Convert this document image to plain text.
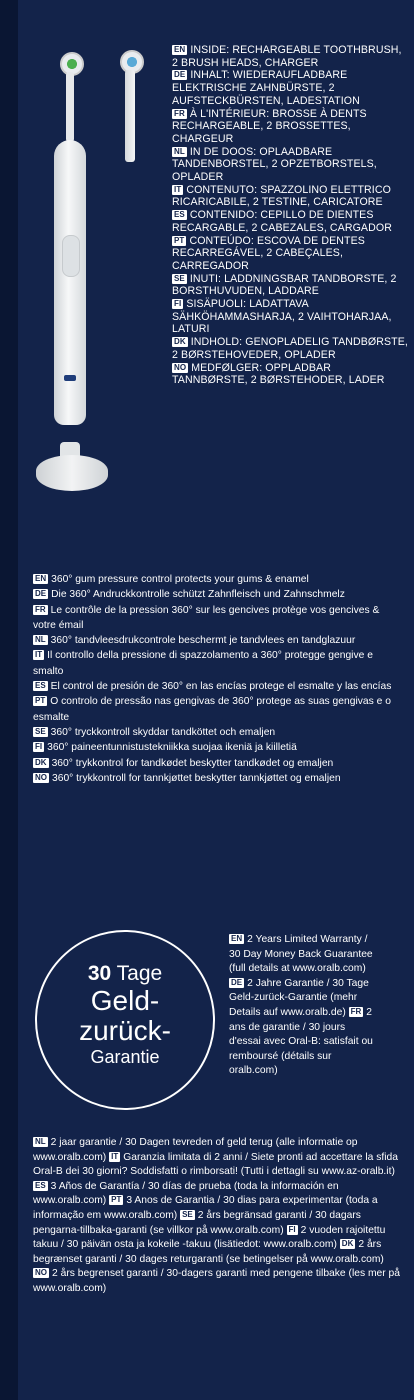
EN INSIDE: RECHARGEABLE TOOTHBRUSH, 2 BRUSH HEADS, CHARGER
DE INHALT: WIEDERAUFLADBARE ELEKTRISCHE ZAHNBÜRSTE, 2 AUFSTECKBÜRSTEN, LADESTATION
FR À L'INTÉRIEUR: BROSSE À DENTS RECHARGEABLE, 2 BROSSETTES, CHARGEUR
NL IN DE DOOS: OPLAADBARE TANDENBORSTEL, 2 OPZETBORSTELS, OPLADER
IT CONTENUTO: SPAZZOLINO ELETTRICO RICARICABILE, 2 TESTINE, CARICATORE
ES CONTENIDO: CEPILLO DE DIENTES RECARGABLE, 2 CABEZALES, CARGADOR
PT CONTEÚDO: ESCOVA DE DENTES RECARREGÁVEL, 2 CABEÇALES, CARREGADOR
SE INUTI: LADDNINGSBAR TANDBORSTE, 2 BORSTHUVUDEN, LADDARE
FI SISÄPUOLI: LADATTAVA SÄHKÖHAMMASHARJA, 2 VAIHTOHARJAA, LATURI
DK INDHOLD: GENOPLADELIG TANDBØRSTE, 2 BØRSTEHOVEDER, OPLADER
NO MEDFØLGER: OPPLADBAR TANNBØRSTE, 2 BØRSTEHODER, LADER
EN 360° gum pressure control protects your gums & enamel
DE Die 360° Andruckkontrolle schützt Zahnfleisch und Zahnschmelz
FR Le contrôle de la pression 360° sur les gencives protège vos gencives & votre émail
NL 360° tandvleesdrukcontrole beschermt je tandvlees en tandglazuur
IT Il controllo della pressione di spazzolamento a 360° protegge gengive e smalto
ES El control de presión de 360° en las encías protege el esmalte y las encías
PT O controlo de pressão nas gengivas de 360° protege as suas gengivas e o esmalte
SE 360° tryckkontroll skyddar tandköttet och emaljen
FI 360° paineentunnistustekniikka suojaa ikeniä ja kiilletiä
DK 360° trykkontrol for tandkødet beskytter tandkødet og emaljen
NO 360° trykkontroll for tannkjøttet beskytter tannkjøttet og emaljen
30 Tage
Geld-
zurück-
Garantie
EN 2 Years Limited Warranty / 30 Day Money Back Guarantee (full details at www.oralb.com) DE 2 Jahre Garantie / 30 Tage Geld-zurück-Garantie (mehr Details auf www.oralb.de) FR 2 ans de garantie / 30 jours d'essai avec Oral-B: satisfait ou remboursé (détails sur oralb.com)
NL 2 jaar garantie / 30 Dagen tevreden of geld terug (alle informatie op www.oralb.com) IT Garanzia limitata di 2 anni / Siete pronti ad accettare la sfida Oral-B dei 30 giorni? Soddisfatti o rimborsati! (Tutti i dettagli su www.az-oralb.it) ES 3 Años de Garantía / 30 días de prueba (toda la información en www.oralb.com) PT 3 Anos de Garantia / 30 dias para experimentar (toda a informação em www.oralb.com) SE 2 års begränsad garanti / 30 dagars pengarna-tillbaka-garanti (se villkor på www.oralb.com) FI 2 vuoden rajoitettu takuu / 30 päivän osta ja kokeile -takuu (lisätiedot: www.oralb.com) DK 2 års begrænset garanti / 30 dages returgaranti (se betingelser på www.oralb.com) NO 2 års begrenset garanti / 30-dagers garanti med pengene tilbake (les mer på www.oralb.com)
